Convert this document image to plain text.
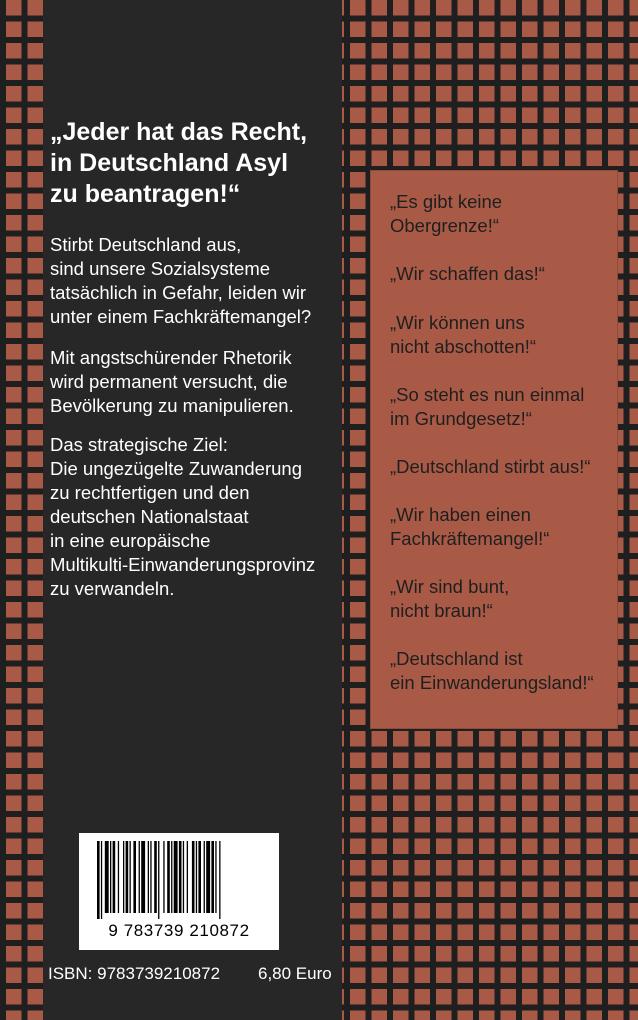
„Jeder hat das Recht,
in Deutschland Asyl
zu beantragen!“

Stirbt Deutschland aus,
sind unsere Sozialsysteme
tatsächlich in Gefahr, leiden wir
unter einem Fachkräftemangel?

Mit angstschürender Rhetorik
wird permanent versucht, die
Bevölkerung zu manipulieren.

Das strategische Ziel:
Die ungezügelte Zuwanderung
zu rechtfertigen und den
deutschen Nationalstaat
in eine europäische
Multikulti-Einwanderungsprovinz
zu verwandeln.

„Es gibt keine
Obergrenze!“

„Wir schaffen das!“

„Wir können uns
nicht abschotten!“

„So steht es nun einmal
im Grundgesetz!“

„Deutschland stirbt aus!“

„Wir haben einen
Fachkräftemangel!“

„Wir sind bunt,
nicht braun!“

„Deutschland ist
ein Einwanderungsland!“

9 783739 210872
ISBN: 9783739210872 6,80 Euro
